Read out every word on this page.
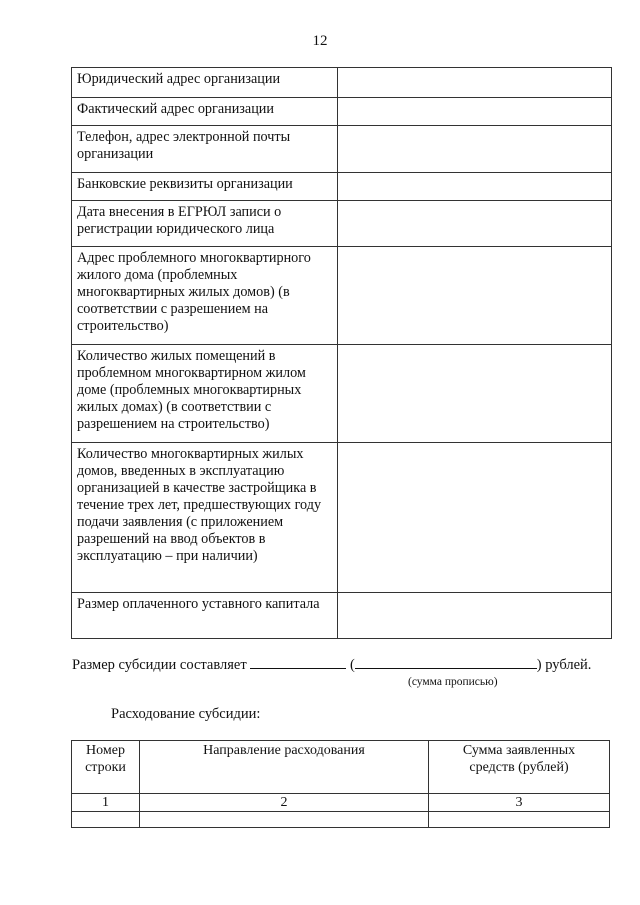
12
Юридический адрес организации	
Фактический адрес организации	
Телефон, адрес электронной почты организации	
Банковские реквизиты организации	
Дата внесения в ЕГРЮЛ записи о регистрации юридического лица	
Адрес проблемного многоквартирного жилого дома (проблемных многоквартирных жилых домов) (в соответствии с разрешением на строительство)	
Количество жилых помещений в проблемном многоквартирном жилом доме (проблемных многоквартирных жилых домах) (в соответствии с разрешением на строительство)	
Количество многоквартирных жилых домов, введенных в эксплуатацию организацией в качестве застройщика в течение трех лет, предшествующих году подачи заявления (с приложением разрешений на ввод объектов в эксплуатацию – при наличии)	
Размер оплаченного уставного капитала	
Размер субсидии составляет	(	) рублей.
(сумма прописью)
Расходование субсидии:
Номер строки	Направление расходования	Сумма заявленных средств (рублей)
1	2	3
